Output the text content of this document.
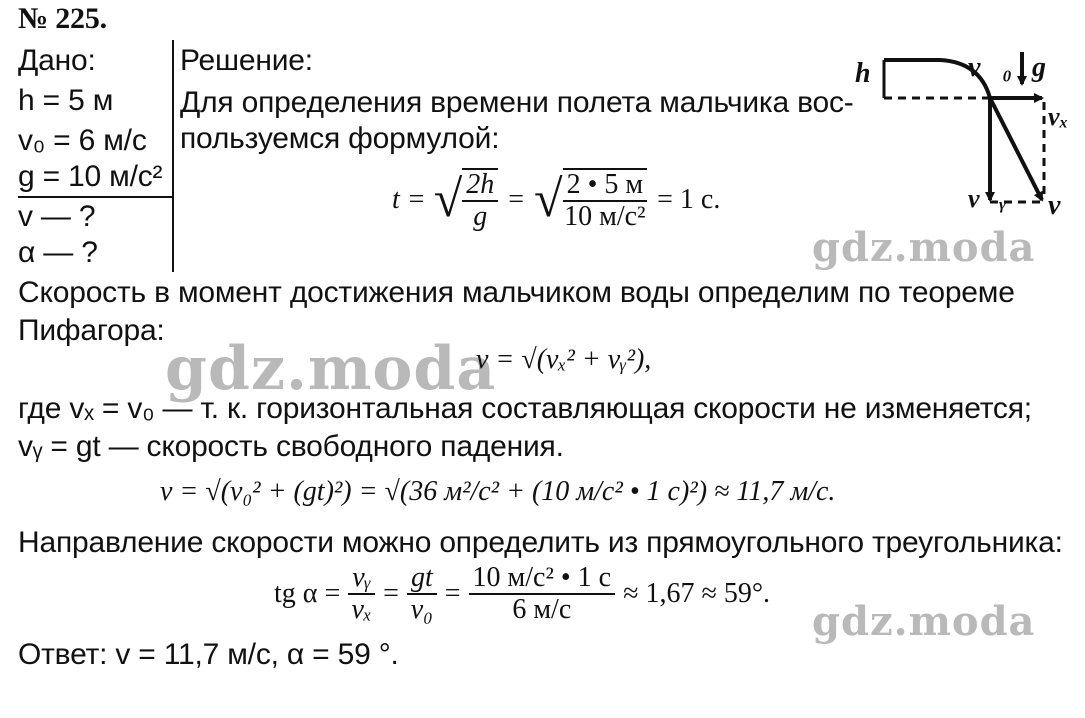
№ 225.
Дано:
h = 5 м
v₀ = 6 м/с
g = 10 м/с²
v — ?
α — ?
Решение:
Для определения времени полета мальчика вос-
пользуемся формулой:
t = √ $\frac{2h}{g}$ = √ $\frac{2 • 5 м}{\text{10 м/с²}} = 1$ с.
h	v⃗₀ g⃗
vₓ
v⃗ᵧ v⃗
gdz.moda
gdz.moda
gdz.moda
Скорость в момент достижения мальчиком воды определим по теореме
Пифагора:
v = √(vₓ² + vᵧ²),
где vₓ = v₀ — т. к. горизонтальная составляющая скорости не изменяется;
vᵧ = gt — скорость свободного падения.
v = √(v₀² + (gt)²) = √(36 м²/с² + (10 м/с² • 1 с)²) ≈ 11,7 м/с.
Направление скорости можно определить из прямоугольного треугольника:
tg $\alpha = \frac{\text{vᵧ}}{\text{vₓ}} = \frac{gt}{\text{v₀}} = \frac{\text{10 м/с² • 1 с}}{6 м/с} \approx 1,67 \approx 59^\circ$.
Ответ: v = 11,7 м/с, α = 59 °.
